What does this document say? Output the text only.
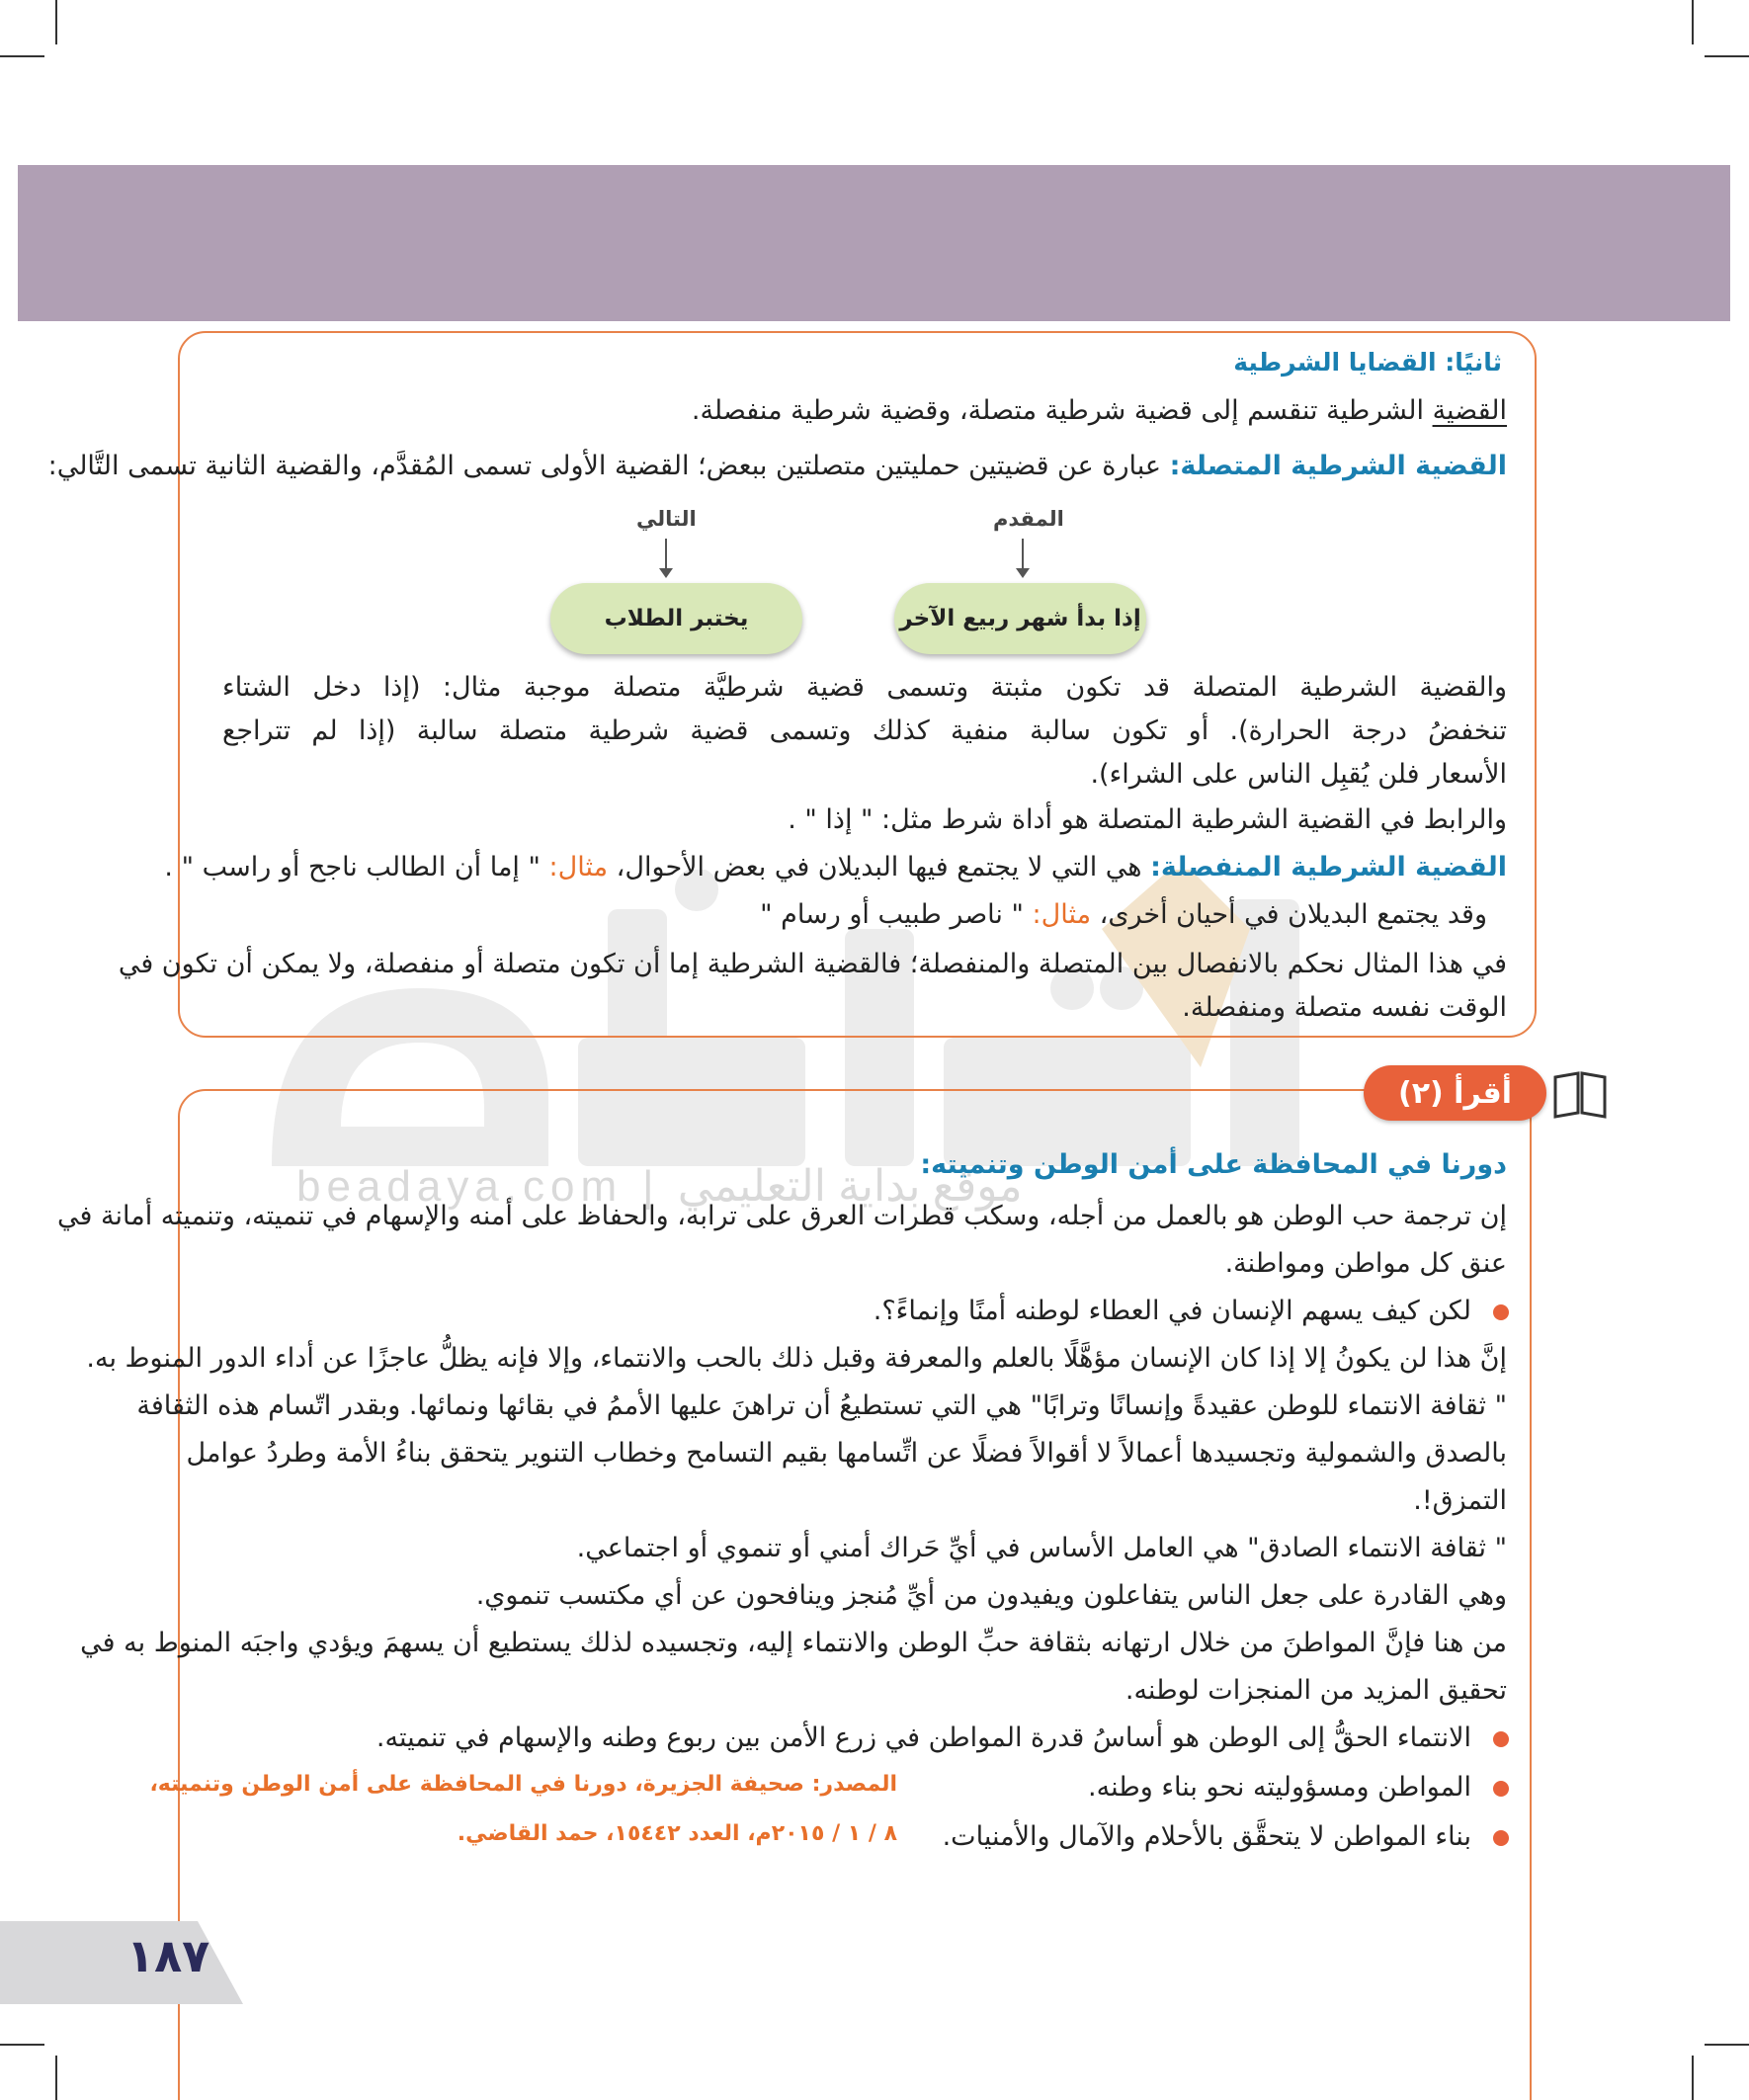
beadaya.com | موقع بداية التعليمي
ثانيًا: القضايا الشرطية
القضية الشرطية تنقسم إلى قضية شرطية متصلة، وقضية شرطية منفصلة.
القضية الشرطية المتصلة: عبارة عن قضيتين حمليتين متصلتين ببعض؛ القضية الأولى تسمى المُقدَّم، والقضية الثانية تسمى التَّالي:
المقدم
التالي
إذا بدأ شهر ربيع الآخر
يختبر الطلاب
والقضية الشرطية المتصلة قد تكون مثبتة وتسمى قضية شرطيَّة متصلة موجبة مثال: (إذا دخل الشتاء
تنخفضُ درجة الحرارة). أو تكون سالبة منفية كذلك وتسمى قضية شرطية متصلة سالبة (إذا لم تتراجع
الأسعار فلن يُقبِل الناس على الشراء).
والرابط في القضية الشرطية المتصلة هو أداة شرط مثل: " إذا " .
القضية الشرطية المنفصلة: هي التي لا يجتمع فيها البديلان في بعض الأحوال، مثال: " إما أن الطالب ناجح أو راسب " .
وقد يجتمع البديلان في أحيان أخرى، مثال: " ناصر طبيب أو رسام "
في هذا المثال نحكم بالانفصال بين المتصلة والمنفصلة؛ فالقضية الشرطية إما أن تكون متصلة أو منفصلة، ولا يمكن أن تكون في
الوقت نفسه متصلة ومنفصلة.
أقرأ (٢)
دورنا في المحافظة على أمن الوطن وتنميته:
إن ترجمة حب الوطن هو بالعمل من أجله، وسكب قطرات العرق على ترابه، والحفاظ على أمنه والإسهام في تنميته، وتنميته أمانة في
عنق كل مواطن ومواطنة.
لكن كيف يسهم الإنسان في العطاء لوطنه أمنًا وإنماءً؟.
إنَّ هذا لن يكونُ إلا إذا كان الإنسان مؤهَّلًا بالعلم والمعرفة وقبل ذلك بالحب والانتماء، وإلا فإنه يظلُّ عاجزًا عن أداء الدور المنوط به.
" ثقافة الانتماء للوطن عقيدةً وإنسانًا وترابًا" هي التي تستطيعُ أن تراهنَ عليها الأممُ في بقائها ونمائها. وبقدر اتّسام هذه الثقافة
بالصدق والشمولية وتجسيدها أعمالاً لا أقوالاً فضلًا عن اتِّسامها بقيم التسامح وخطاب التنوير يتحقق بناءُ الأمة وطردُ عوامل
التمزق!.
" ثقافة الانتماء الصادق" هي العامل الأساس في أيِّ حَراك أمني أو تنموي أو اجتماعي.
وهي القادرة على جعل الناس يتفاعلون ويفيدون من أيِّ مُنجز وينافحون عن أي مكتسب تنموي.
من هنا فإنَّ المواطنَ من خلال ارتهانه بثقافة حبِّ الوطن والانتماء إليه، وتجسيده لذلك يستطيع أن يسهمَ ويؤدي واجبَه المنوط به في
تحقيق المزيد من المنجزات لوطنه.
الانتماء الحقُّ إلى الوطن هو أساسُ قدرة المواطن في زرع الأمن بين ربوع وطنه والإسهام في تنميته.
المواطن ومسؤوليته نحو بناء وطنه.
بناء المواطن لا يتحقَّق بالأحلام والآمال والأمنيات.
المصدر: صحيفة الجزيرة، دورنا في المحافظة على أمن الوطن وتنميته،
٨ / ١ / ٢٠١٥م، العدد ١٥٤٤٢، حمد القاضي.
١٨٧
